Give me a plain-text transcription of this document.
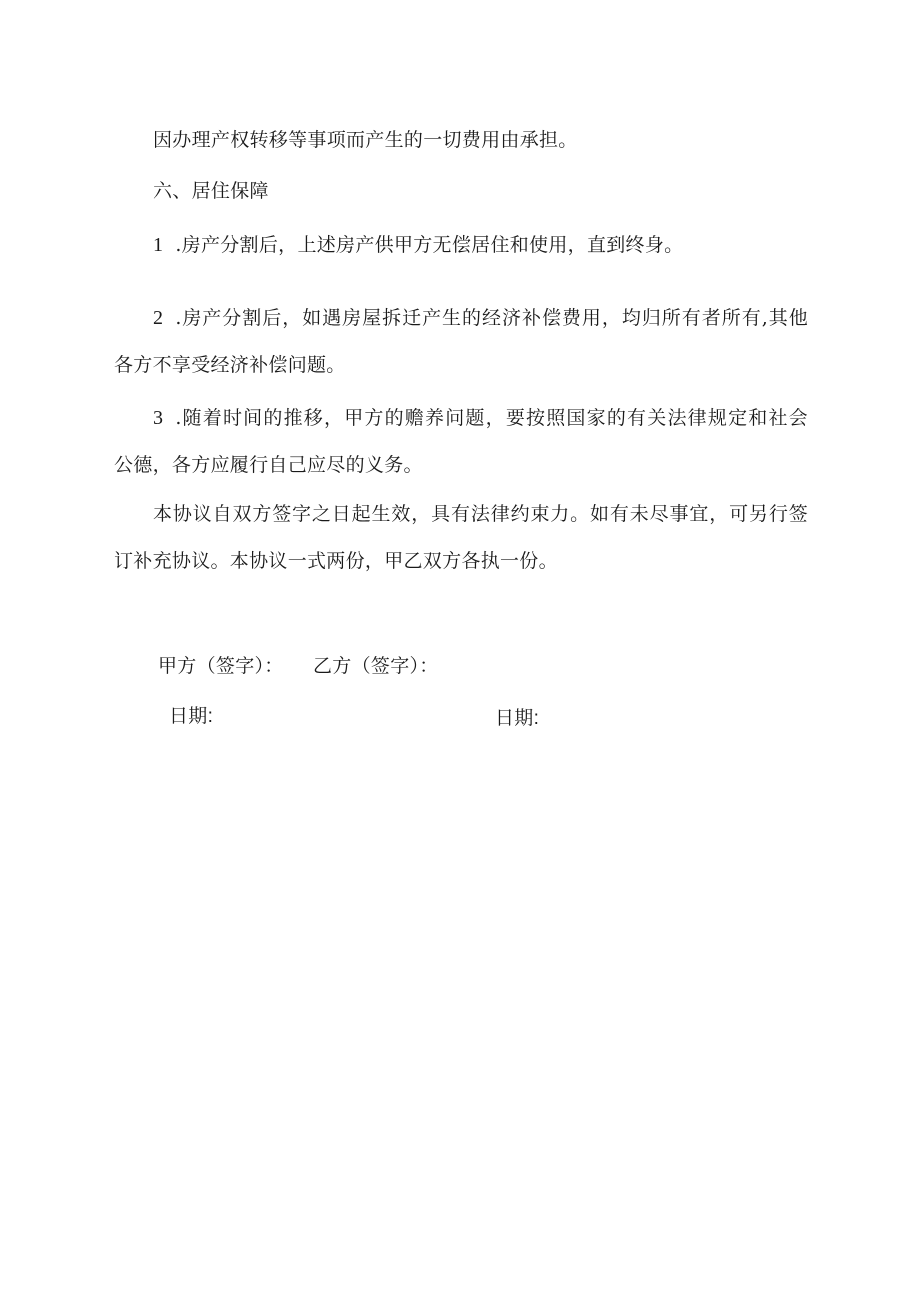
因办理产权转移等事项而产生的一切费用由承担。
六、居住保障
1 .房产分割后，上述房产供甲方无偿居住和使用，直到终身。
2 .房产分割后，如遇房屋拆迁产生的经济补偿费用，均归所有者所有,其他
各方不享受经济补偿问题。
3 .随着时间的推移，甲方的赡养问题，要按照国家的有关法律规定和社会
公德，各方应履行自己应尽的义务。
本协议自双方签字之日起生效，具有法律约束力。如有未尽事宜，可另行签
订补充协议。本协议一式两份，甲乙双方各执一份。
甲方（签字）： 乙方（签字）：
日期:	日期:
